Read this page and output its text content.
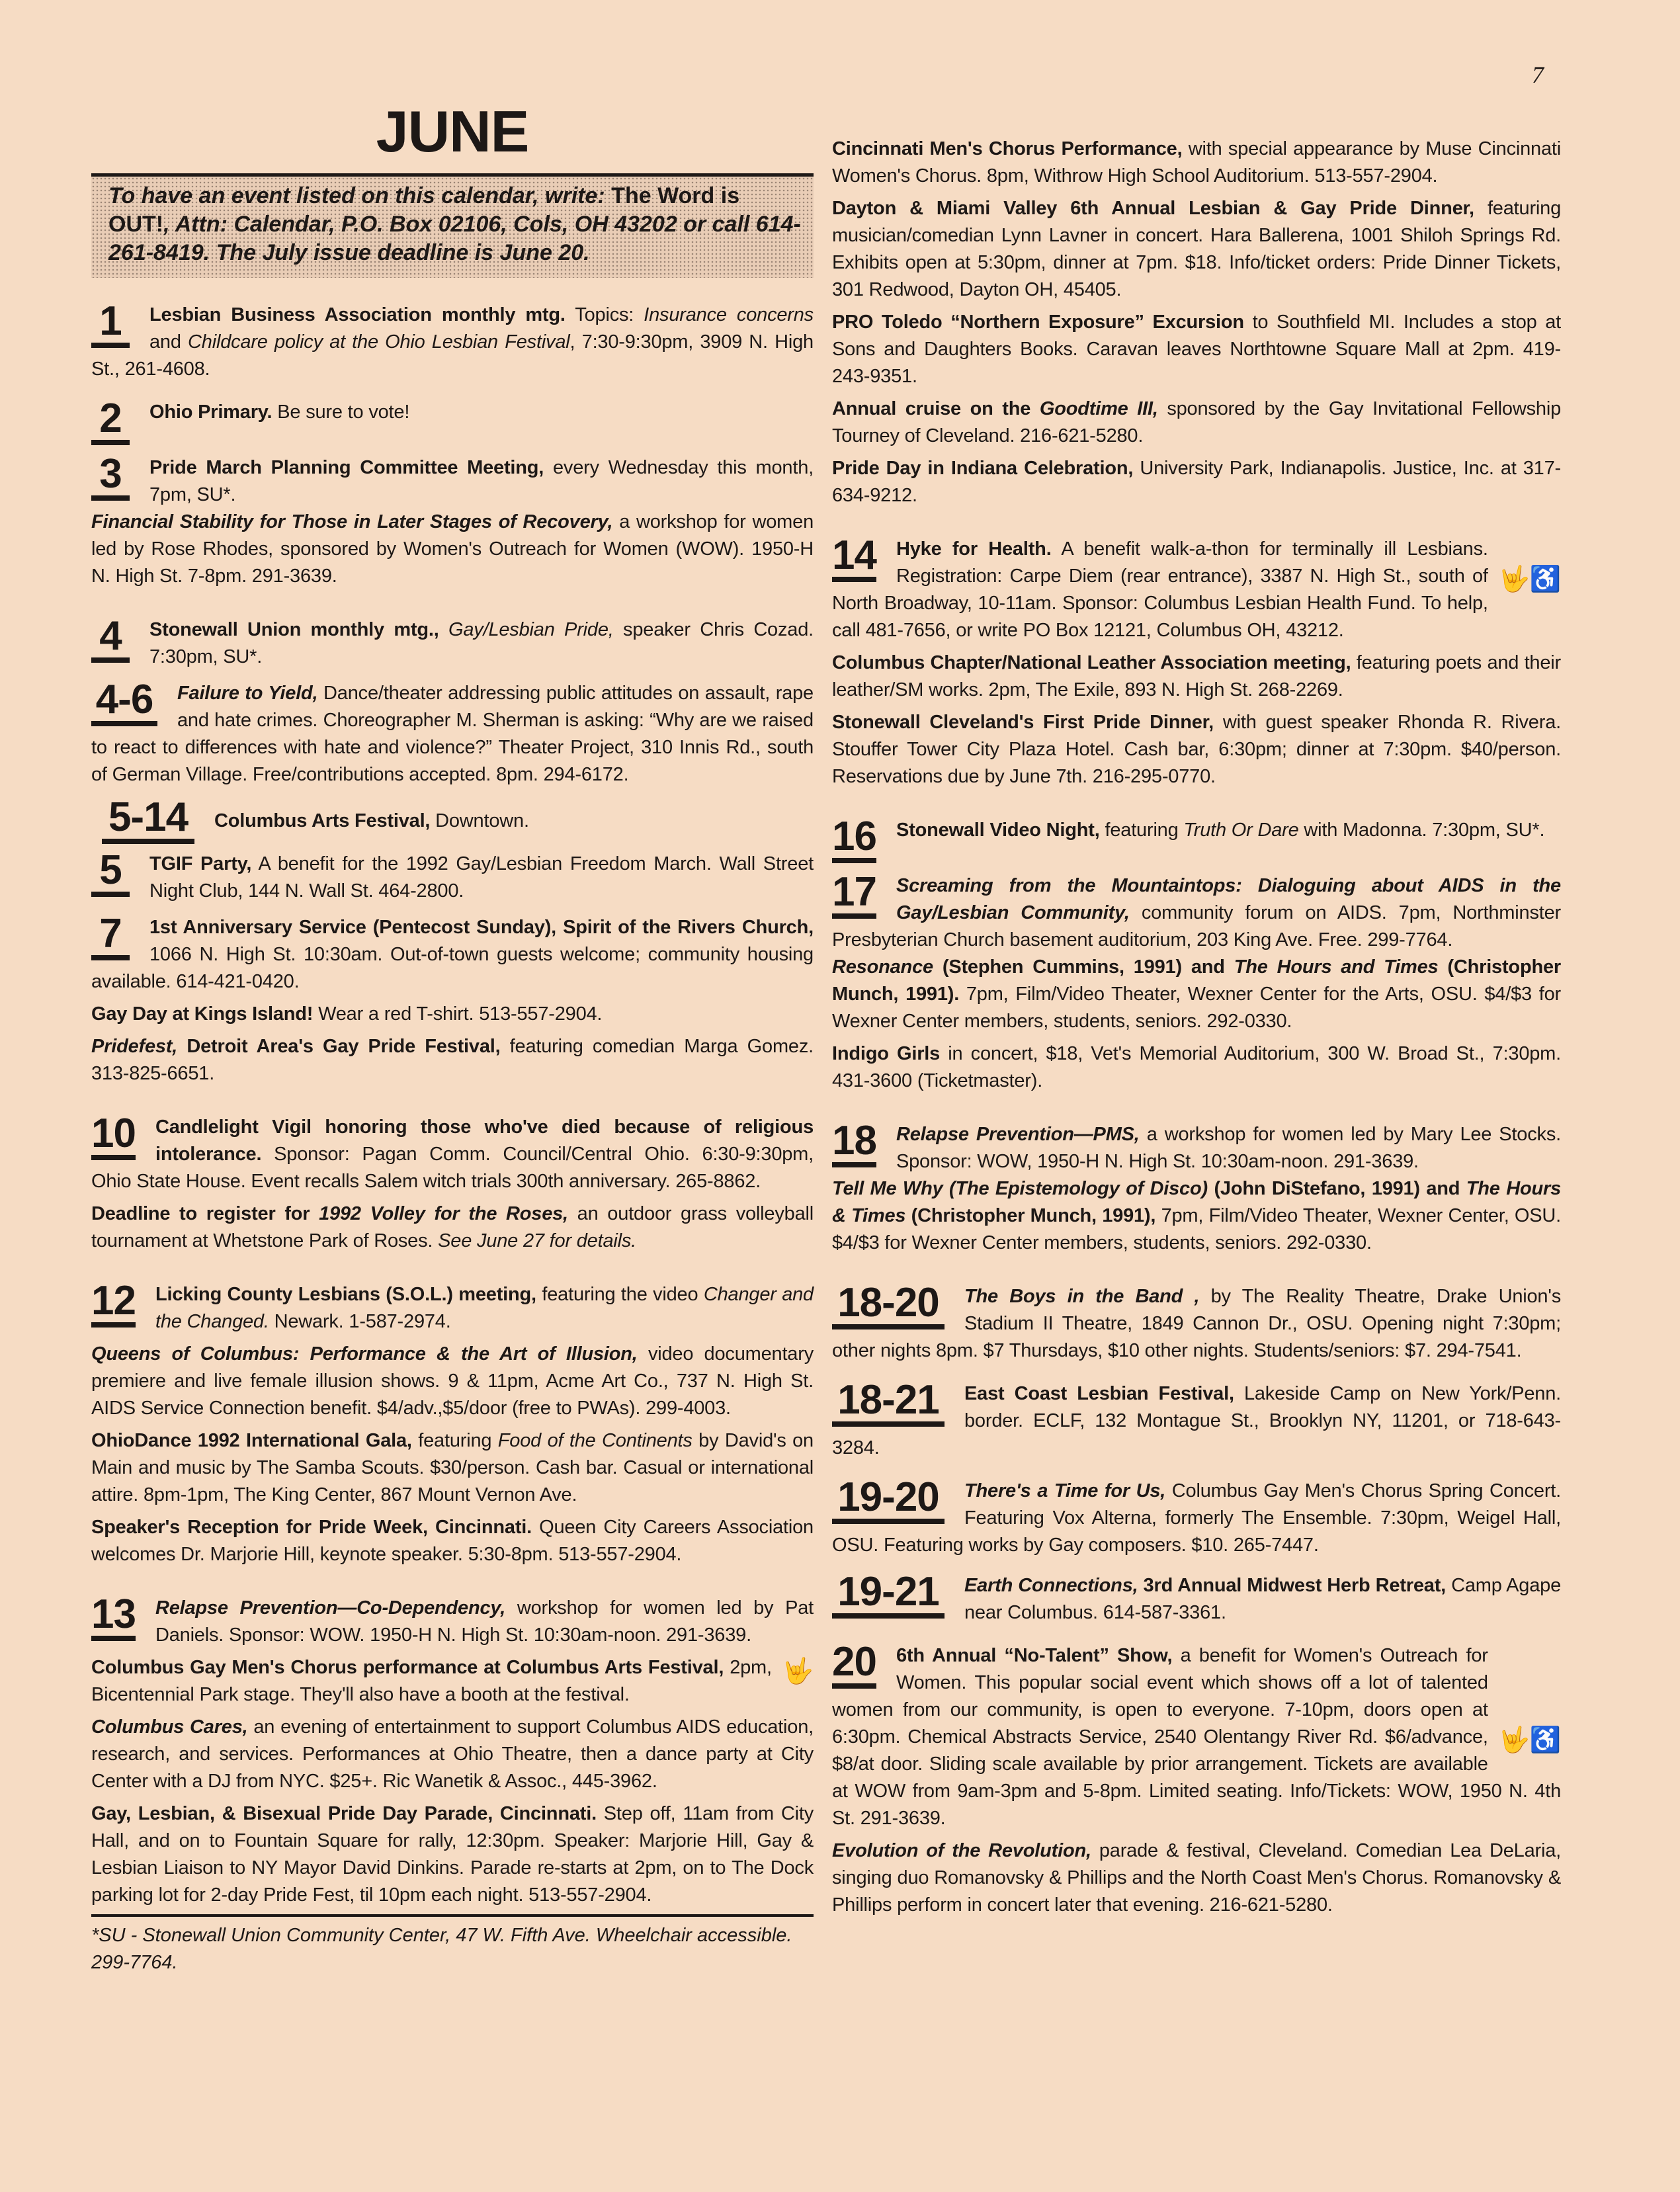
7
JUNE
To have an event listed on this calendar, write: The Word is OUT!, Attn: Calendar, P.O. Box 02106, Cols, OH 43202 or call 614-261-8419. The July issue deadline is June 20.

1	Lesbian Business Association monthly mtg. Topics: Insurance concerns and Childcare policy at the Ohio Lesbian Festival, 7:30-9:30pm, 3909 N. High St., 261-4608.

2	Ohio Primary. Be sure to vote!

3	Pride March Planning Committee Meeting, every Wednesday this month, 7pm, SU*.

Financial Stability for Those in Later Stages of Recovery, a workshop for women led by Rose Rhodes, sponsored by Women's Outreach for Women (WOW). 1950-H N. High St. 7-8pm. 291-3639.

4	Stonewall Union monthly mtg., Gay/Lesbian Pride, speaker Chris Cozad. 7:30pm, SU*.

4-6 Failure to Yield, Dance/theater addressing public attitudes on assault, rape and hate crimes. Choreographer M. Sherman is asking: “Why are we raised to react to differences with hate and violence?” Theater Project, 310 Innis Rd., south of German Village. Free/contributions accepted. 8pm. 294-6172.

5-14	Columbus Arts Festival, Downtown.

5	TGIF Party, A benefit for the 1992 Gay/Lesbian Freedom March. Wall Street Night Club, 144 N. Wall St. 464-2800.

7	1st Anniversary Service (Pentecost Sunday), Spirit of the Rivers Church, 1066 N. High St. 10:30am. Out-of-town guests welcome; community housing available. 614-421-0420.

Gay Day at Kings Island! Wear a red T-shirt. 513-557-2904.

Pridefest, Detroit Area's Gay Pride Festival, featuring comedian Marga Gomez. 313-825-6651.

10 Candlelight Vigil honoring those who've died because of religious intolerance. Sponsor: Pagan Comm. Council/Central Ohio. 6:30-9:30pm, Ohio State House. Event recalls Salem witch trials 300th anniversary. 265-8862.

Deadline to register for 1992 Volley for the Roses, an outdoor grass volleyball tournament at Whetstone Park of Roses. See June 27 for details.

12 Licking County Lesbians (S.O.L.) meeting, featuring the video Changer and the Changed. Newark. 1-587-2974.

Queens of Columbus: Performance & the Art of Illusion, video documentary premiere and live female illusion shows. 9 & 11pm, Acme Art Co., 737 N. High St. AIDS Service Connection benefit. $4/adv.,$5/door (free to PWAs). 299-4003.

OhioDance 1992 International Gala, featuring Food of the Continents by David's on Main and music by The Samba Scouts. $30/person. Cash bar. Casual or international attire. 8pm-1pm, The King Center, 867 Mount Vernon Ave.

Speaker's Reception for Pride Week, Cincinnati. Queen City Careers Association welcomes Dr. Marjorie Hill, keynote speaker. 5:30-8pm. 513-557-2904.

13 Relapse Prevention—Co-Dependency, workshop for women led by Pat Daniels. Sponsor: WOW. 1950-H N. High St. 10:30am-noon. 291-3639.

🤟
Columbus Gay Men's Chorus performance at Columbus Arts Festival, 2pm, Bicentennial Park stage. They'll also have a booth at the festival.

Columbus Cares, an evening of entertainment to support Columbus AIDS education, research, and services. Performances at Ohio Theatre, then a dance party at City Center with a DJ from NYC. $25+. Ric Wanetik & Assoc., 445-3962.

Gay, Lesbian, & Bisexual Pride Day Parade, Cincinnati. Step off, 11am from City Hall, and on to Fountain Square for rally, 12:30pm. Speaker: Marjorie Hill, Gay & Lesbian Liaison to NY Mayor David Dinkins. Parade re-starts at 2pm, on to The Dock parking lot for 2-day Pride Fest, til 10pm each night. 513-557-2904.

*SU - Stonewall Union Community Center, 47 W. Fifth Ave. Wheelchair accessible. 299-7764.

Cincinnati Men's Chorus Performance, with special appearance by Muse Cincinnati Women's Chorus. 8pm, Withrow High School Auditorium. 513-557-2904.

Dayton & Miami Valley 6th Annual Lesbian & Gay Pride Dinner, featuring musician/comedian Lynn Lavner in concert. Hara Ballerena, 1001 Shiloh Springs Rd. Exhibits open at 5:30pm, dinner at 7pm. $18. Info/ticket orders: Pride Dinner Tickets, 301 Redwood, Dayton OH, 45405.

PRO Toledo “Northern Exposure” Excursion to Southfield MI. Includes a stop at Sons and Daughters Books. Caravan leaves Northtowne Square Mall at 2pm. 419-243-9351.

Annual cruise on the Goodtime III, sponsored by the Gay Invitational Fellowship Tourney of Cleveland. 216-621-5280.

Pride Day in Indiana Celebration, University Park, Indianapolis. Justice, Inc. at 317-634-9212.

14
🤟♿
Hyke for Health. A benefit walk-a-thon for terminally ill Lesbians. Registration: Carpe Diem (rear entrance), 3387 N. High St., south of North Broadway, 10-11am. Sponsor: Columbus Lesbian Health Fund. To help, call 481-7656, or write PO Box 12121, Columbus OH, 43212.

Columbus Chapter/National Leather Association meeting, featuring poets and their leather/SM works. 2pm, The Exile, 893 N. High St. 268-2269.

Stonewall Cleveland's First Pride Dinner, with guest speaker Rhonda R. Rivera. Stouffer Tower City Plaza Hotel. Cash bar, 6:30pm; dinner at 7:30pm. $40/person. Reservations due by June 7th. 216-295-0770.

16 Stonewall Video Night, featuring Truth Or Dare with Madonna. 7:30pm, SU*.

17 Screaming from the Mountaintops: Dialoguing about AIDS in the Gay/Lesbian Community, community forum on AIDS. 7pm, Northminster Presbyterian Church basement auditorium, 203 King Ave. Free. 299-7764.

Resonance (Stephen Cummins, 1991) and The Hours and Times (Christopher Munch, 1991). 7pm, Film/Video Theater, Wexner Center for the Arts, OSU. $4/$3 for Wexner Center members, students, seniors. 292-0330.

Indigo Girls in concert, $18, Vet's Memorial Auditorium, 300 W. Broad St., 7:30pm. 431-3600 (Ticketmaster).

18 Relapse Prevention—PMS, a workshop for women led by Mary Lee Stocks. Sponsor: WOW, 1950-H N. High St. 10:30am-noon. 291-3639.

Tell Me Why (The Epistemology of Disco) (John DiStefano, 1991) and The Hours & Times (Christopher Munch, 1991), 7pm, Film/Video Theater, Wexner Center, OSU. $4/$3 for Wexner Center members, students, seniors. 292-0330.

18-20 The Boys in the Band , by The Reality Theatre, Drake Union's Stadium II Theatre, 1849 Cannon Dr., OSU. Opening night 7:30pm; other nights 8pm. $7 Thursdays, $10 other nights. Students/seniors: $7. 294-7541.

18-21 East Coast Lesbian Festival, Lakeside Camp on New York/Penn. border. ECLF, 132 Montague St., Brooklyn NY, 11201, or 718-643-3284.

19-20 There's a Time for Us, Columbus Gay Men's Chorus Spring Concert. Featuring Vox Alterna, formerly The Ensemble. 7:30pm, Weigel Hall, OSU. Featuring works by Gay composers. $10. 265-7447.

19-21 Earth Connections, 3rd Annual Midwest Herb Retreat, Camp Agape near Columbus. 614-587-3361.

20
🤟♿
6th Annual “No-Talent” Show, a benefit for Women's Outreach for Women. This popular social event which shows off a lot of talented women from our community, is open to everyone. 7-10pm, doors open at 6:30pm. Chemical Abstracts Service, 2540 Olentangy River Rd. $6/advance, $8/at door. Sliding scale available by prior arrangement. Tickets are available at WOW from 9am-3pm and 5-8pm. Limited seating. Info/Tickets: WOW, 1950 N. 4th St. 291-3639.

Evolution of the Revolution, parade & festival, Cleveland. Comedian Lea DeLaria, singing duo Romanovsky & Phillips and the North Coast Men's Chorus. Romanovsky & Phillips perform in concert later that evening. 216-621-5280.
